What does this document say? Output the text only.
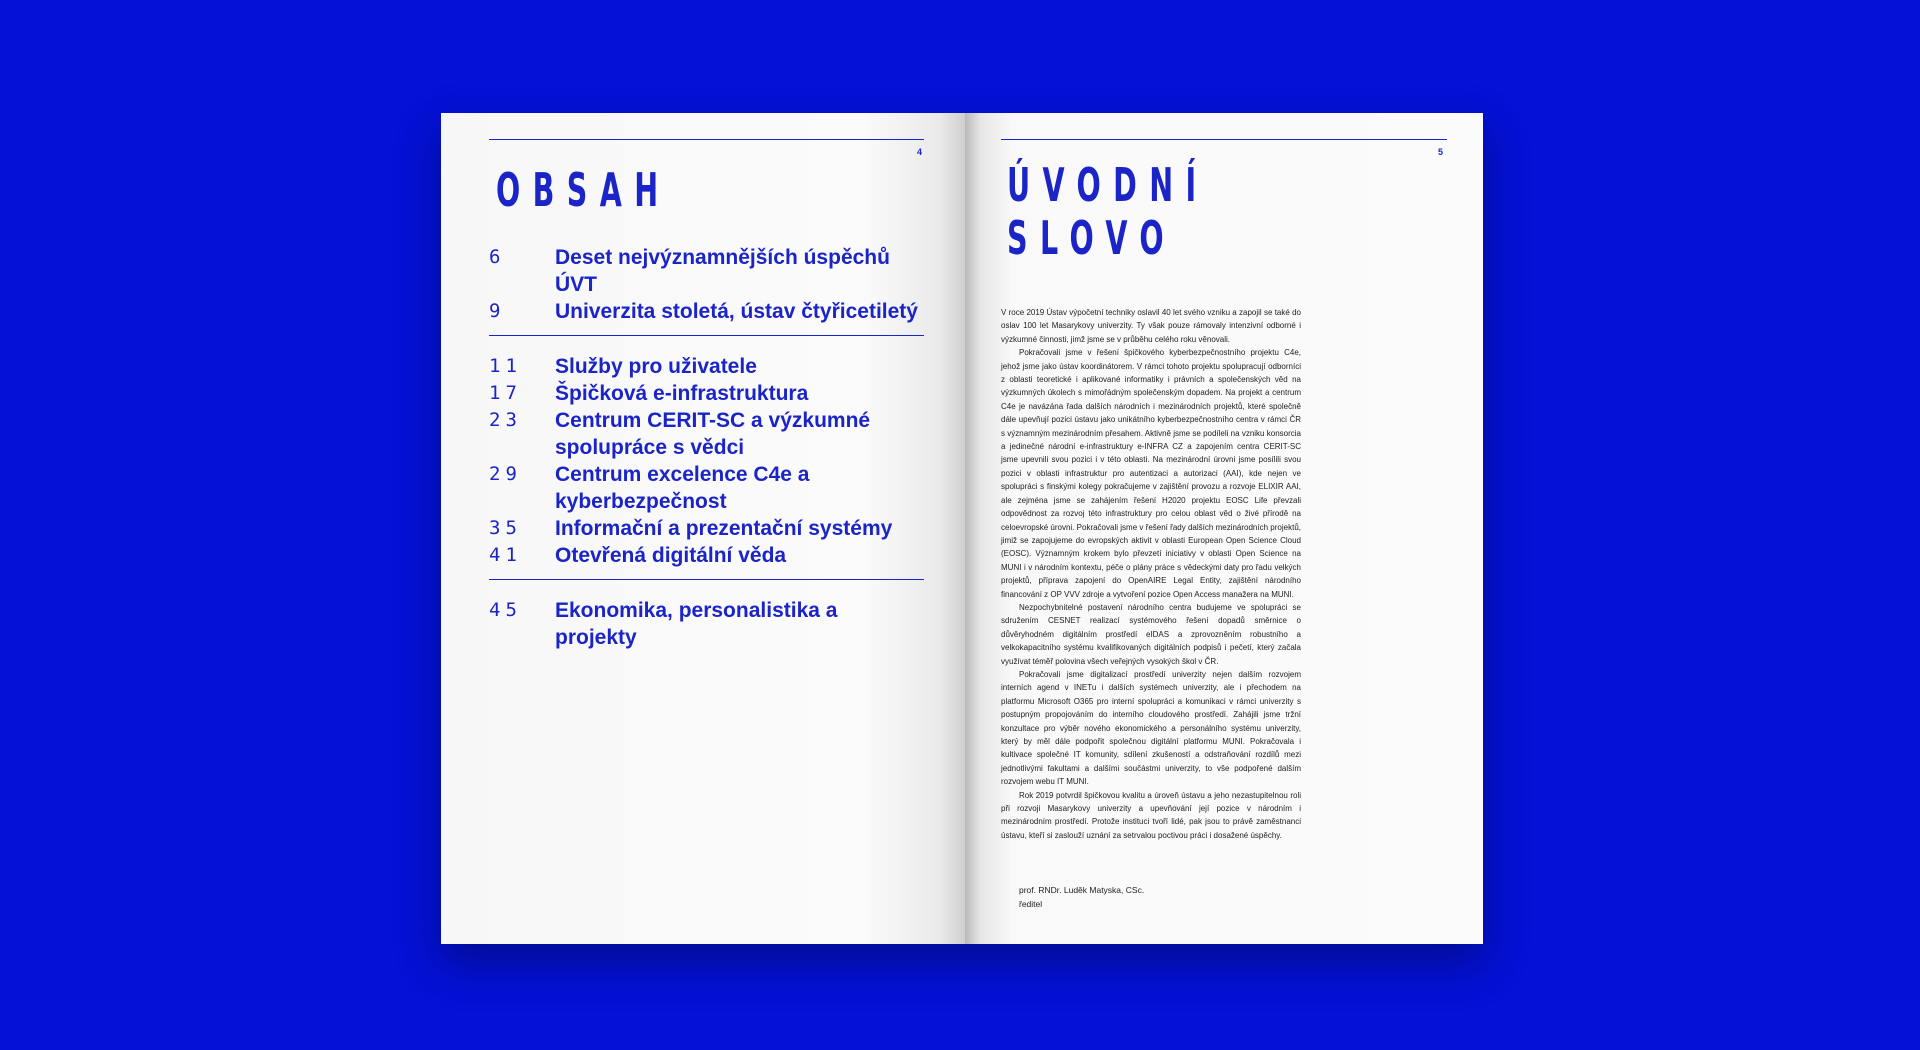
4
OBSAH
6	Deset nejvýznamnějších úspěchů ÚVT
9	Univerzita stoletá, ústav čtyřicetiletý
11	Služby pro uživatele
17	Špičková e-infrastruktura
23	Centrum CERIT-SC a výzkumné spolupráce s vědci
29	Centrum excelence C4e a kyberbezpečnost
35	Informační a prezentační systémy
41	Otevřená digitální věda
45	Ekonomika, personalistika a projekty
5
ÚVODNÍ
SLOVO

V roce 2019 Ústav výpočetní techniky oslavil 40 let svého vzniku a zapojil se také do oslav 100 let Masarykovy univerzity. Ty však pouze rámovaly intenzivní odborné i výzkumné činnosti, jimž jsme se v průběhu celého roku věnovali.

Pokračovali jsme v řešení špičkového kyberbezpečnostního projektu C4e, jehož jsme jako ústav koordinátorem. V rámci tohoto projektu spolupracují odborníci z oblasti teoretické i aplikované informatiky i právních a společenských věd na výzkumných úkolech s mimořádným společenským dopadem. Na projekt a centrum C4e je navázána řada dalších národních i mezinárodních projektů, které společně dále upevňují pozici ústavu jako unikátního kyberbezpečnostního centra v rámci ČR s významným mezinárodním přesahem. Aktivně jsme se podíleli na vzniku konsorcia a jedinečné národní e-infrastruktury e-INFRA CZ a zapojením centra CERIT-SC jsme upevnili svou pozici i v této oblasti. Na mezinárodní úrovni jsme posílili svou pozici v oblasti infrastruktur pro autentizaci a autorizaci (AAI), kde nejen ve spolupráci s finskými kolegy pokračujeme v zajištění provozu a rozvoje ELIXIR AAI, ale zejména jsme se zahájením řešení H2020 projektu EOSC Life převzali odpovědnost za rozvoj této infrastruktury pro celou oblast věd o živé přírodě na celoevropské úrovni. Pokračovali jsme v řešení řady dalších mezinárodních projektů, jimiž se zapojujeme do evropských aktivit v oblasti European Open Science Cloud (EOSC). Významným krokem bylo převzetí iniciativy v oblasti Open Science na MUNI i v národním kontextu, péče o plány práce s vědeckými daty pro řadu velkých projektů, příprava zapojení do OpenAIRE Legal Entity, zajištění národního financování z OP VVV zdroje a vytvoření pozice Open Access manažera na MUNI.

Nezpochybnitelné postavení národního centra budujeme ve spolupráci se sdružením CESNET realizací systémového řešení dopadů směrnice o důvěryhodném digitálním prostředí eIDAS a zprovozněním robustního a velkokapacitního systému kvalifikovaných digitálních podpisů i pečetí, který začala využívat téměř polovina všech veřejných vysokých škol v ČR.

Pokračovali jsme digitalizací prostředí univerzity nejen dalším rozvojem interních agend v INETu i dalších systémech univerzity, ale i přechodem na platformu Microsoft O365 pro interní spolupráci a komunikaci v rámci univerzity s postupným propojováním do interního cloudového prostředí. Zahájili jsme tržní konzultace pro výběr nového ekonomického a personálního systému univerzity, který by měl dále podpořit společnou digitální platformu MUNI. Pokračovala i kultivace společné IT komunity, sdílení zkušeností a odstraňování rozdílů mezi jednotlivými fakultami a dalšími součástmi univerzity, to vše podpořené dalším rozvojem webu IT MUNI.

Rok 2019 potvrdil špičkovou kvalitu a úroveň ústavu a jeho nezastupitelnou roli při rozvoji Masarykovy univerzity a upevňování její pozice v národním i mezinárodním prostředí. Protože instituci tvoří lidé, pak jsou to právě zaměstnanci ústavu, kteří si zaslouží uznání za setrvalou poctivou práci i dosažené úspěchy.

prof. RNDr. Luděk Matyska, CSc.
ředitel
